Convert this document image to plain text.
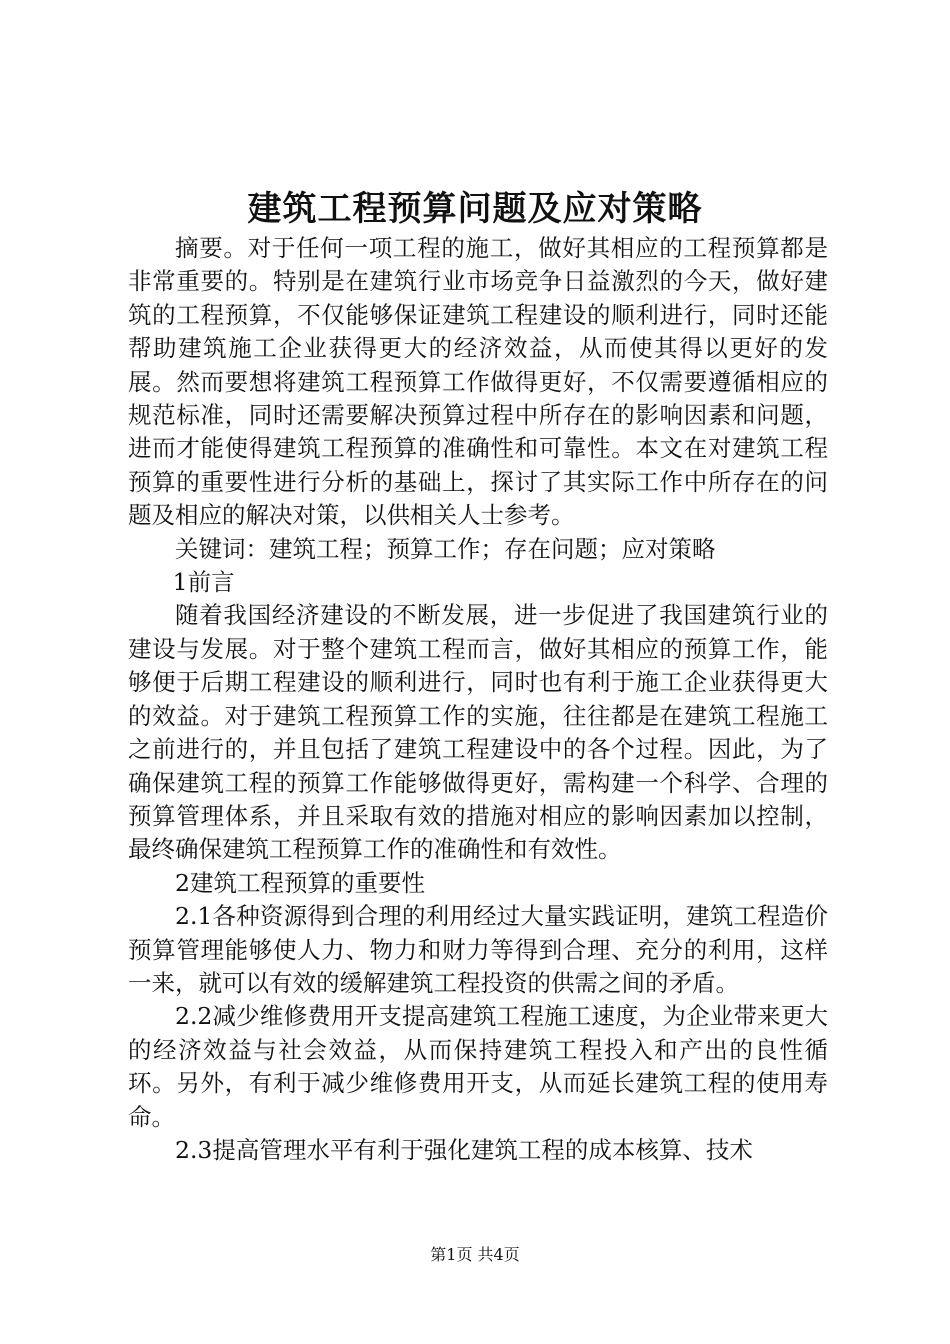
建筑工程预算问题及应对策略

摘要。对于任何一项工程的施工，做好其相应的工程预算都是非常重要的。特别是在建筑行业市场竞争日益激烈的今天，做好建筑的工程预算，不仅能够保证建筑工程建设的顺利进行，同时还能帮助建筑施工企业获得更大的经济效益，从而使其得以更好的发展。然而要想将建筑工程预算工作做得更好，不仅需要遵循相应的规范标准，同时还需要解决预算过程中所存在的影响因素和问题，进而才能使得建筑工程预算的准确性和可靠性。本文在对建筑工程预算的重要性进行分析的基础上，探讨了其实际工作中所存在的问题及相应的解决对策，以供相关人士参考。

关键词：建筑工程；预算工作；存在问题；应对策略

1前言

随着我国经济建设的不断发展，进一步促进了我国建筑行业的建设与发展。对于整个建筑工程而言，做好其相应的预算工作，能够便于后期工程建设的顺利进行，同时也有利于施工企业获得更大的效益。对于建筑工程预算工作的实施，往往都是在建筑工程施工之前进行的，并且包括了建筑工程建设中的各个过程。因此，为了确保建筑工程的预算工作能够做得更好，需构建一个科学、合理的预算管理体系，并且采取有效的措施对相应的影响因素加以控制，最终确保建筑工程预算工作的准确性和有效性。

2建筑工程预算的重要性

2.1各种资源得到合理的利用经过大量实践证明，建筑工程造价预算管理能够使人力、物力和财力等得到合理、充分的利用，这样一来，就可以有效的缓解建筑工程投资的供需之间的矛盾。

2.2减少维修费用开支提高建筑工程施工速度，为企业带来更大的经济效益与社会效益，从而保持建筑工程投入和产出的良性循环。另外，有利于减少维修费用开支，从而延长建筑工程的使用寿命。

2.3提高管理水平有利于强化建筑工程的成本核算、技术

第1页 共4页
